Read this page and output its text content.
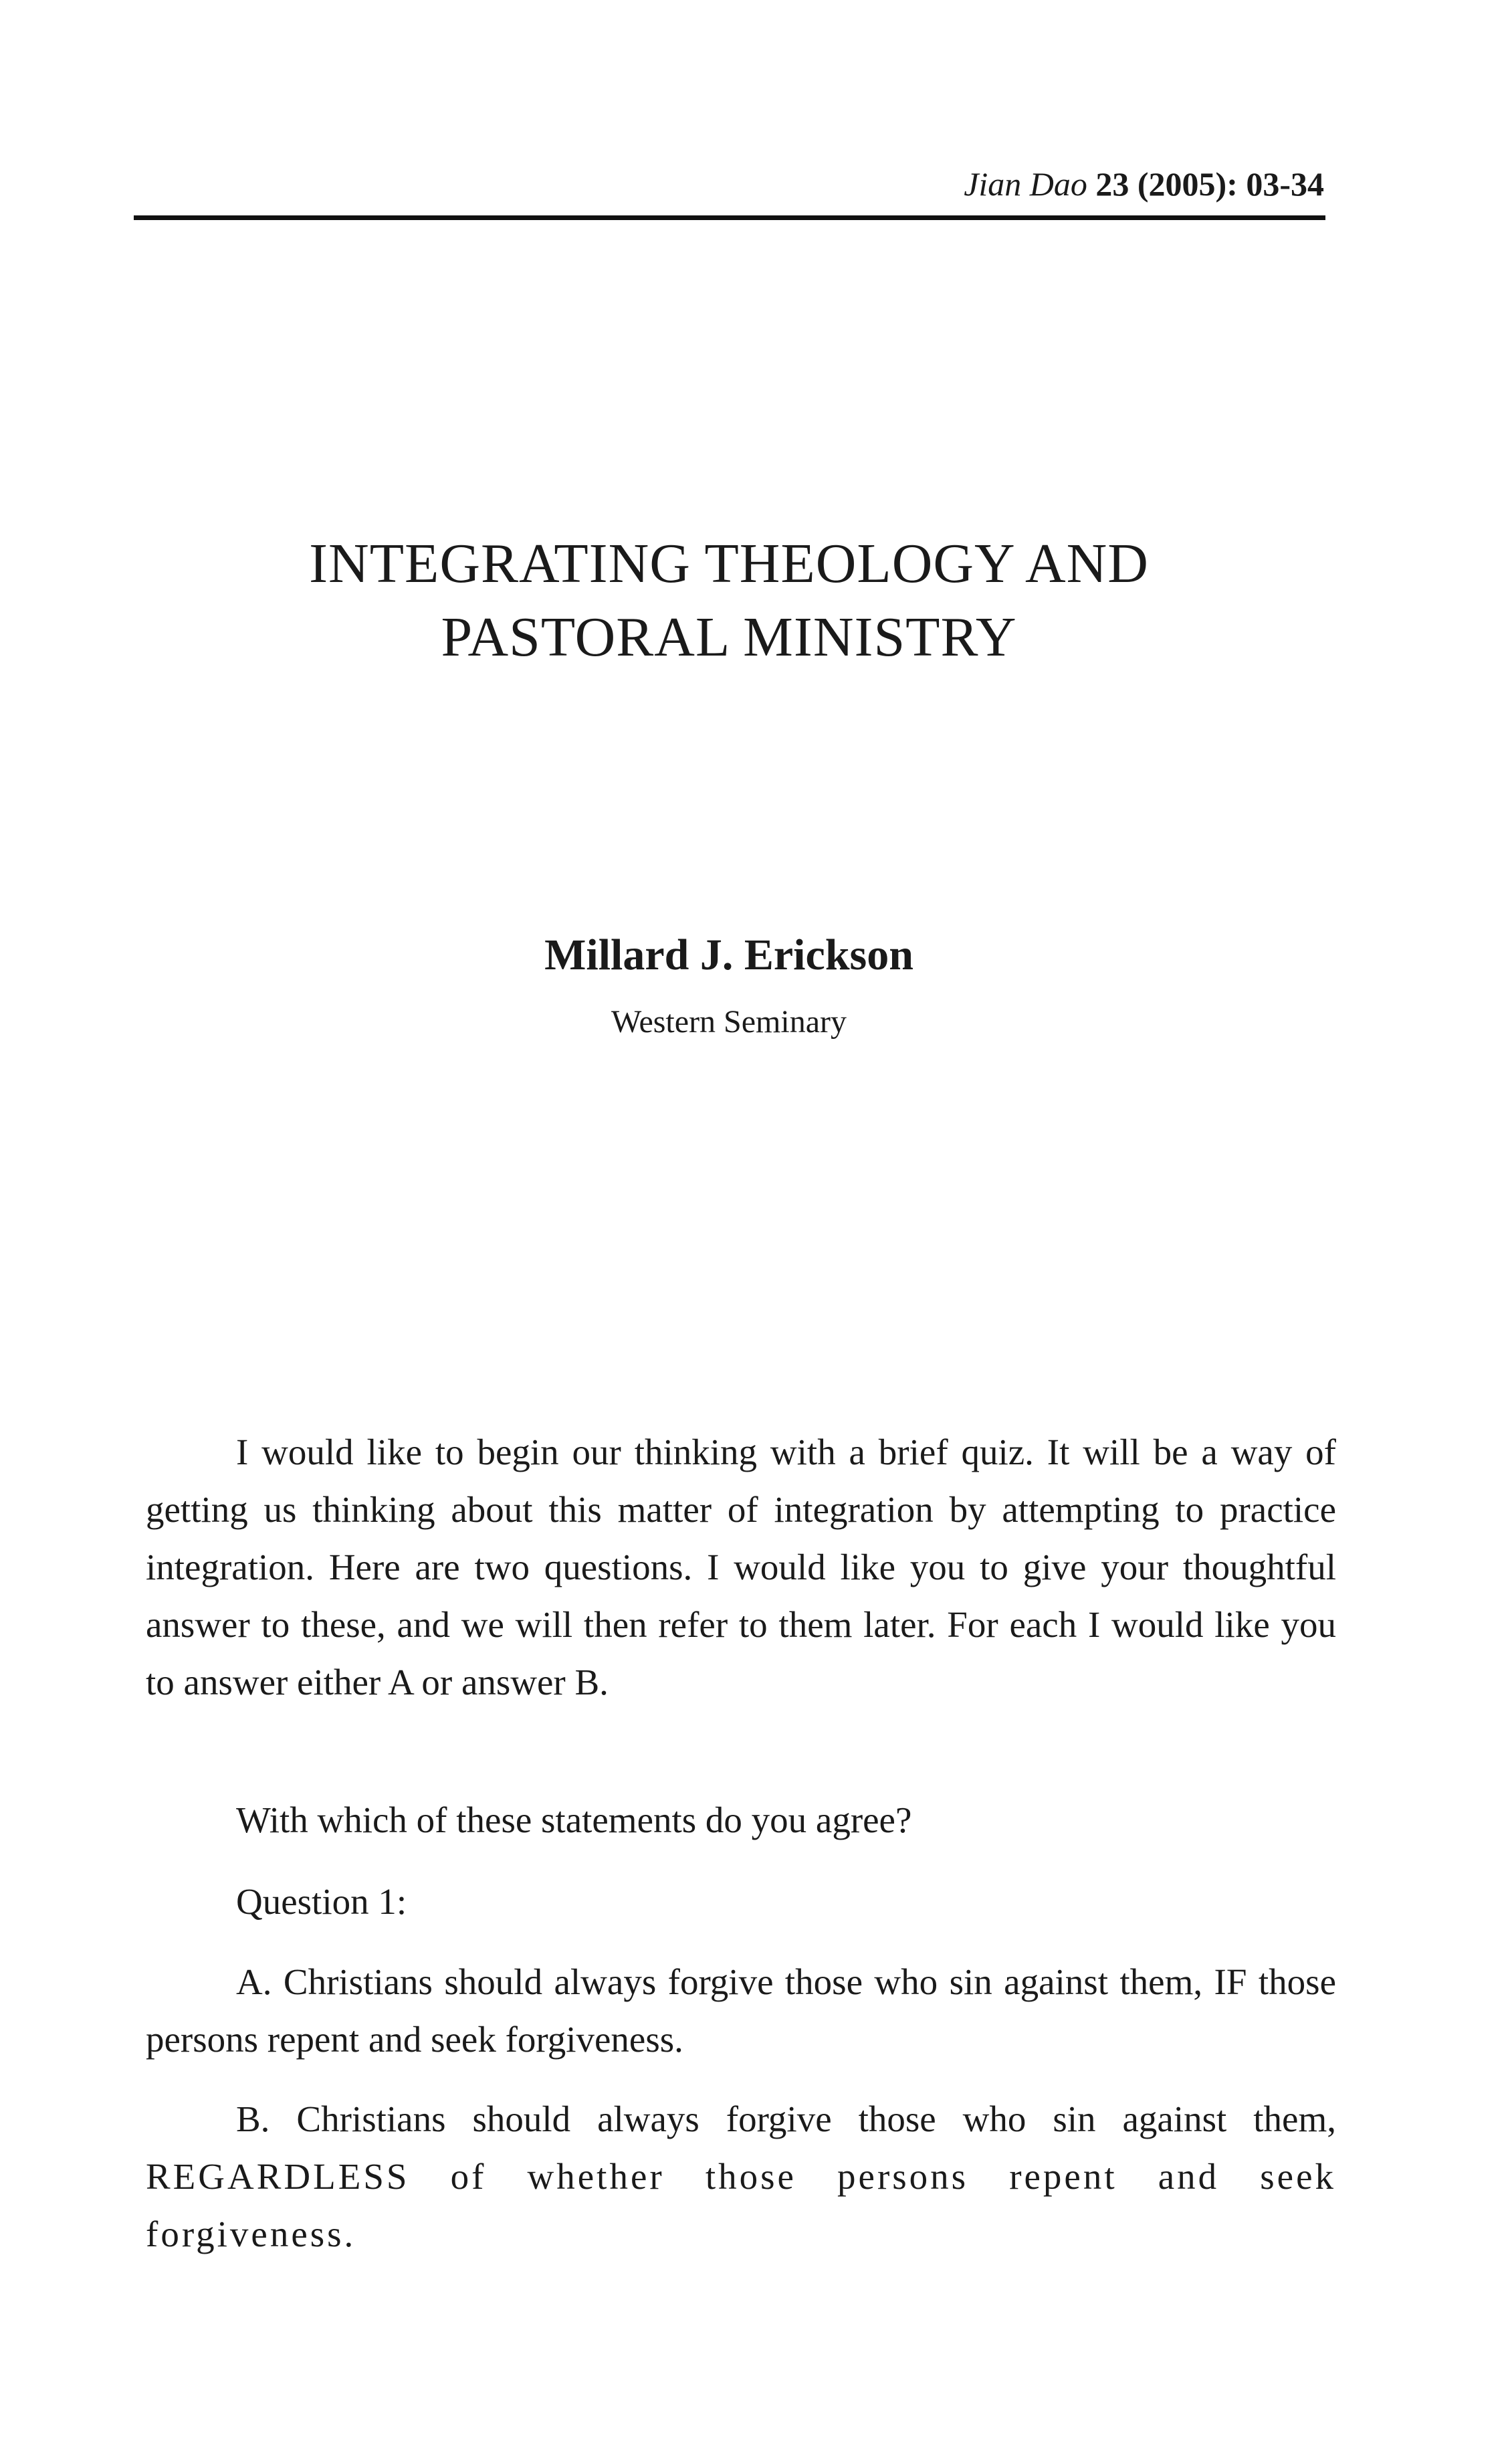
Jian Dao 23 (2005): 03-34
INTEGRATING THEOLOGY AND
PASTORAL MINISTRY
Millard J. Erickson
Western Seminary

I would like to begin our thinking with a brief quiz. It will be a way of getting us thinking about this matter of integration by attempting to practice integration. Here are two questions. I would like you to give your thoughtful answer to these, and we will then refer to them later. For each I would like you to answer either A or answer B.

With which of these statements do you agree?

Question 1:

A. Christians should always forgive those who sin against them, IF those persons repent and seek forgiveness.

B. Christians should always forgive those who sin against them, REGARDLESS of whether those persons repent and seek forgiveness.
